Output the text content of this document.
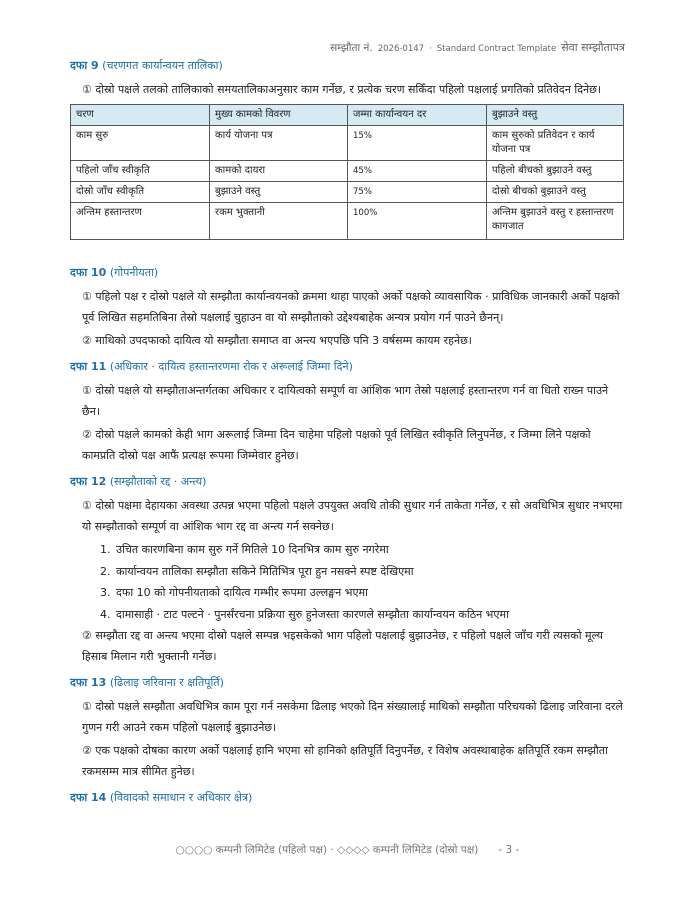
सम्झौता नं. 2026-0147 · Standard Contract Template सेवा सम्झौतापत्र
दफा 9 (चरणगत कार्यान्वयन तालिका)

① दोस्रो पक्षले तलको तालिकाको समयतालिकाअनुसार काम गर्नेछ, र प्रत्येक चरण सकिँदा पहिलो पक्षलाई प्रगतिको प्रतिवेदन दिनेछ।

चरण	मुख्य कामको विवरण	जम्मा कार्यान्वयन दर	बुझाउने वस्तु
काम सुरु	कार्य योजना पत्र	15%	काम सुरुको प्रतिवेदन र कार्य योजना पत्र
पहिलो जाँच स्वीकृति	कामको दायरा	45%	पहिलो बीचको बुझाउने वस्तु
दोस्रो जाँच स्वीकृति	बुझाउने वस्तु	75%	दोस्रो बीचको बुझाउने वस्तु
अन्तिम हस्तान्तरण	रकम भुक्तानी	100%	अन्तिम बुझाउने वस्तु र हस्तान्तरण कागजात
दफा 10 (गोपनीयता)

① पहिलो पक्ष र दोस्रो पक्षले यो सम्झौता कार्यान्वयनको क्रममा थाहा पाएको अर्को पक्षको व्यावसायिक · प्राविधिक जानकारी अर्को पक्षको पूर्व लिखित सहमतिबिना तेस्रो पक्षलाई चुहाउन वा यो सम्झौताको उद्देश्यबाहेक अन्यत्र प्रयोग गर्न पाउने छैनन्।

② माथिको उपदफाको दायित्व यो सम्झौता समाप्त वा अन्त्य भएपछि पनि 3 वर्षसम्म कायम रहनेछ।

दफा 11 (अधिकार · दायित्व हस्तान्तरणमा रोक र अरूलाई जिम्मा दिने)

① दोस्रो पक्षले यो सम्झौताअन्तर्गतका अधिकार र दायित्वको सम्पूर्ण वा आंशिक भाग तेस्रो पक्षलाई हस्तान्तरण गर्न वा धितो राख्न पाउने छैन।

② दोस्रो पक्षले कामको केही भाग अरूलाई जिम्मा दिन चाहेमा पहिलो पक्षको पूर्व लिखित स्वीकृति लिनुपर्नेछ, र जिम्मा लिने पक्षको कामप्रति दोस्रो पक्ष आफैं प्रत्यक्ष रूपमा जिम्मेवार हुनेछ।

दफा 12 (सम्झौताको रद्द · अन्त्य)

① दोस्रो पक्षमा देहायका अवस्था उत्पन्न भएमा पहिलो पक्षले उपयुक्त अवधि तोकी सुधार गर्न ताकेता गर्नेछ, र सो अवधिभित्र सुधार नभएमा यो सम्झौताको सम्पूर्ण वा आंशिक भाग रद्द वा अन्त्य गर्न सक्नेछ।

1. उचित कारणबिना काम सुरु गर्ने मितिले 10 दिनभित्र काम सुरु नगरेमा
2. कार्यान्वयन तालिका सम्झौता सकिने मितिभित्र पूरा हुन नसक्ने स्पष्ट देखिएमा
3. दफा 10 को गोपनीयताको दायित्व गम्भीर रूपमा उल्लङ्घन भएमा
4. दामासाही · टाट पल्टने · पुनर्संरचना प्रक्रिया सुरु हुनेजस्ता कारणले सम्झौता कार्यान्वयन कठिन भएमा

② सम्झौता रद्द वा अन्त्य भएमा दोस्रो पक्षले सम्पन्न भइसकेको भाग पहिलो पक्षलाई बुझाउनेछ, र पहिलो पक्षले जाँच गरी त्यसको मूल्य हिसाब मिलान गरी भुक्तानी गर्नेछ।

दफा 13 (ढिलाइ जरिवाना र क्षतिपूर्ति)

① दोस्रो पक्षले सम्झौता अवधिभित्र काम पूरा गर्न नसकेमा ढिलाइ भएको दिन संख्यालाई माथिको सम्झौता परिचयको ढिलाइ जरिवाना दरले गुणन गरी आउने रकम पहिलो पक्षलाई बुझाउनेछ।

② एक पक्षको दोषका कारण अर्को पक्षलाई हानि भएमा सो हानिको क्षतिपूर्ति दिनुपर्नेछ, र विशेष अवस्थाबाहेक क्षतिपूर्ति रकम सम्झौता रकमसम्म मात्र सीमित हुनेछ।

दफा 14 (विवादको समाधान र अधिकार क्षेत्र)
○○○○ कम्पनी लिमिटेड (पहिलो पक्ष) · ◇◇◇◇ कम्पनी लिमिटेड (दोस्रो पक्ष) - 3 -
